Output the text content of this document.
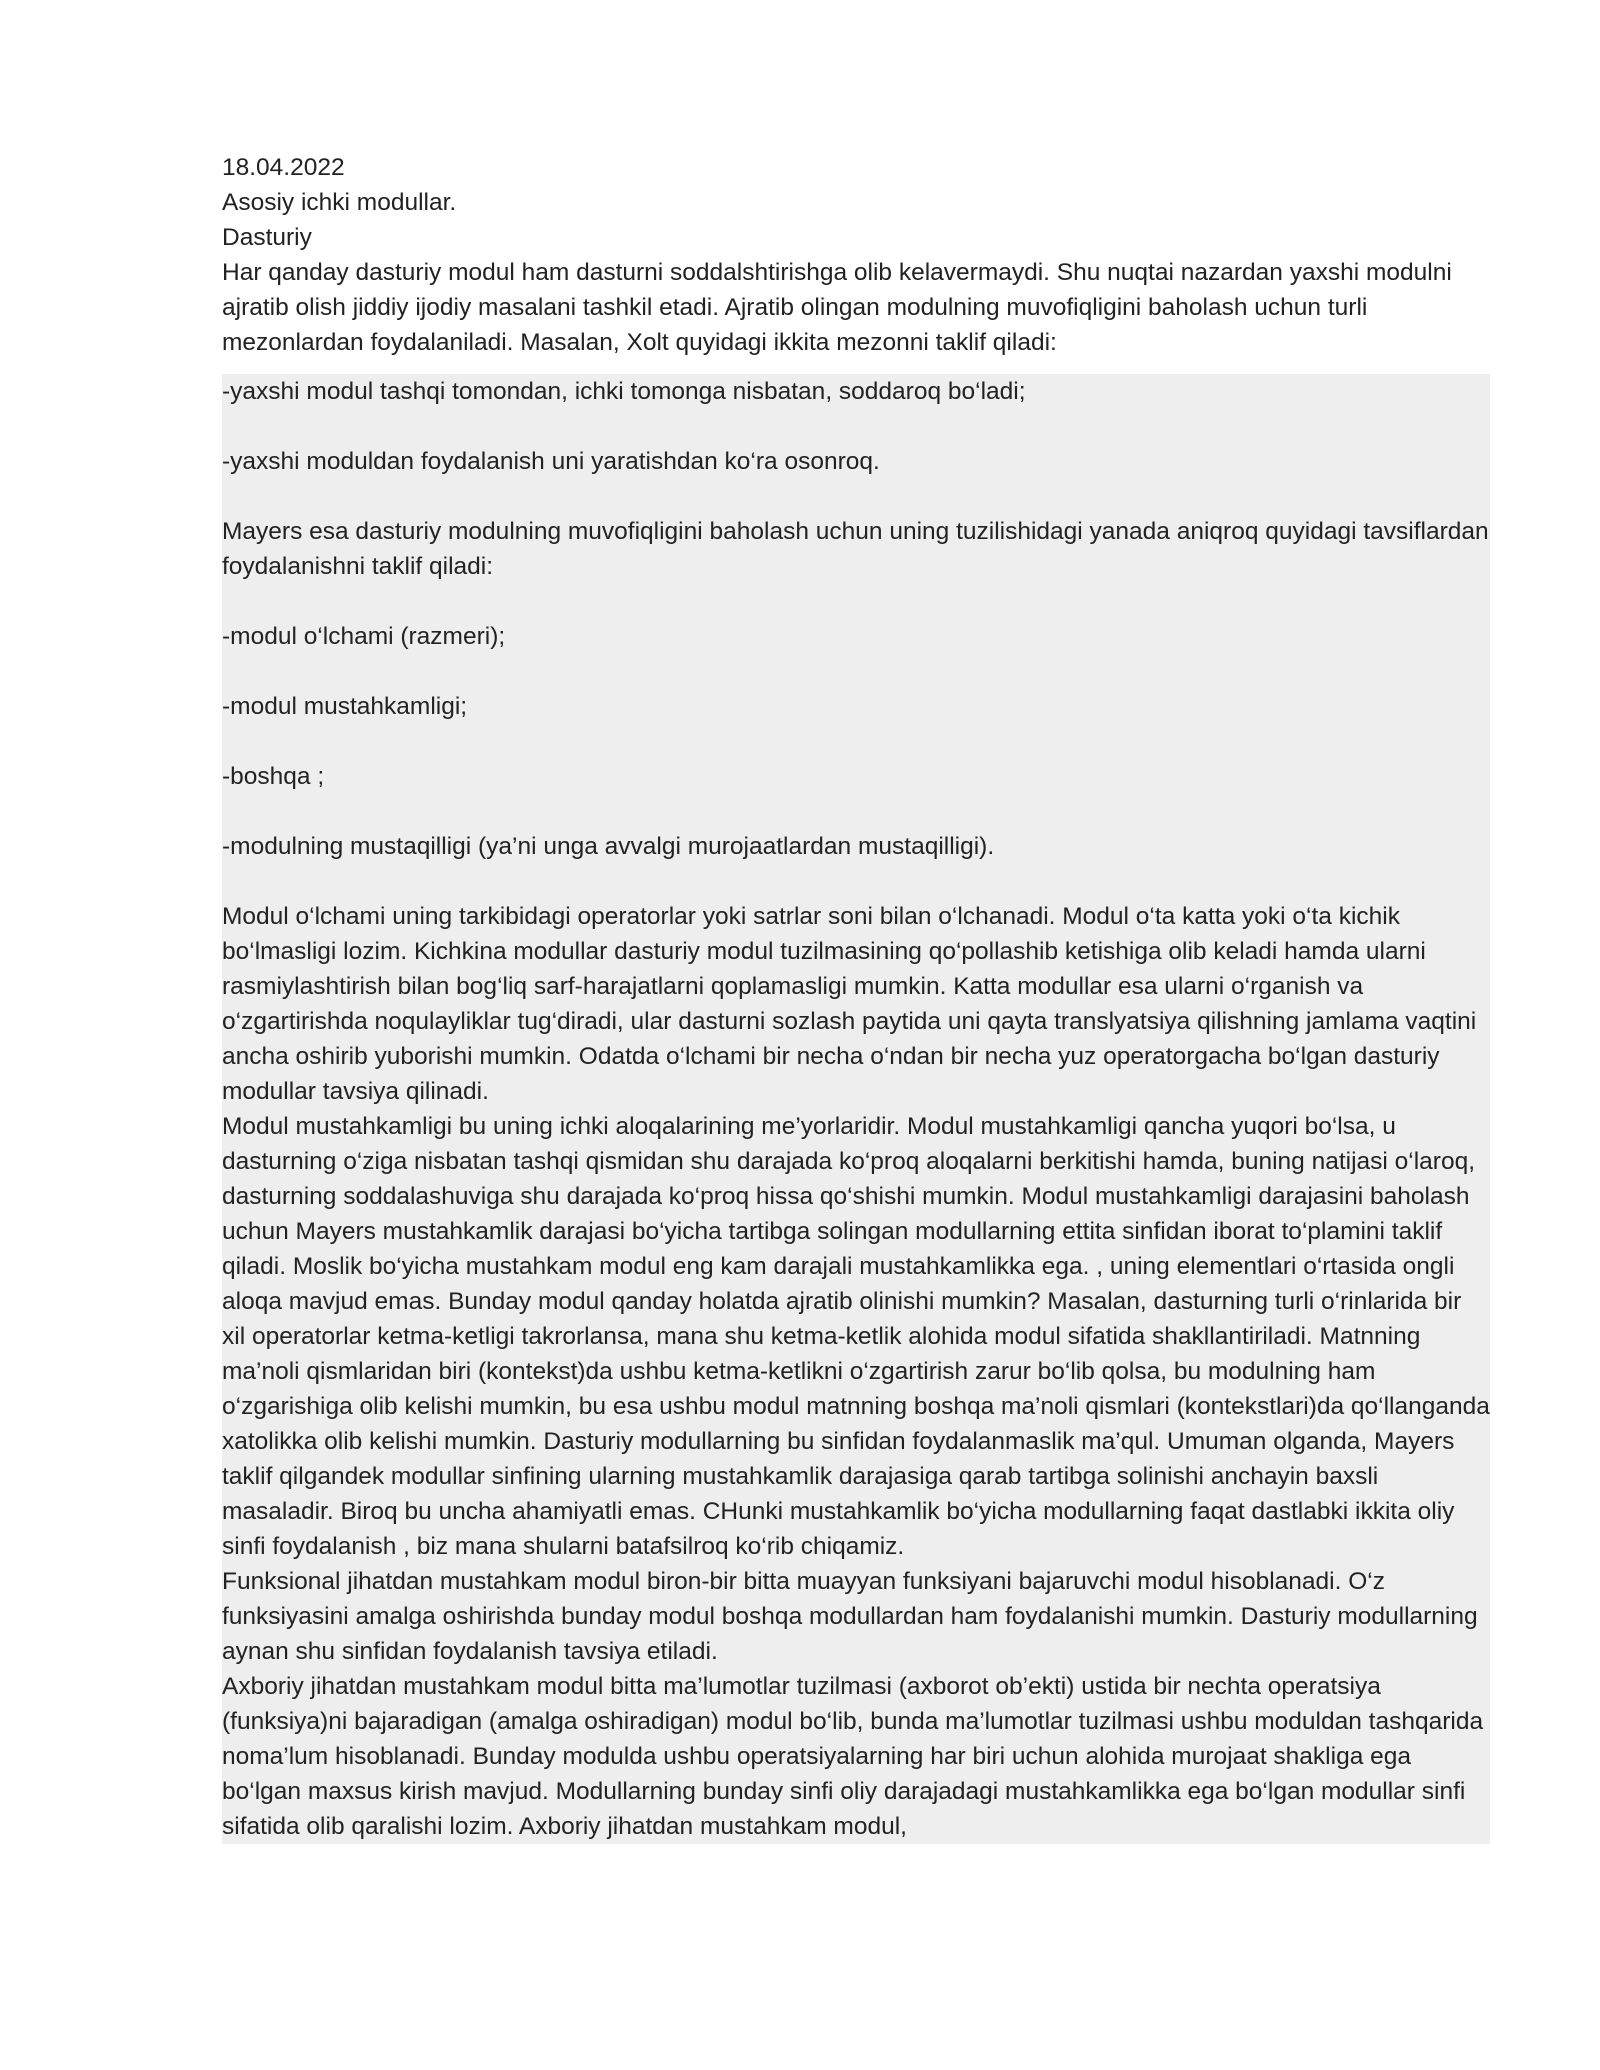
18.04.2022

Asosiy ichki modullar.

Dasturiy

Har qanday dasturiy modul ham dasturni soddalshtirishga olib kelavermaydi. Shu nuqtai nazardan yaxshi modulni ajratib olish jiddiy ijodiy masalani tashkil etadi. Ajratib olingan modulning muvofiqligini baholash uchun turli mezonlardan foydalaniladi. Masalan, Xolt quyidagi ikkita mezonni taklif qiladi:

-yaxshi modul tashqi tomondan, ichki tomonga nisbatan, soddaroq bo‘ladi;

-yaxshi moduldan foydalanish uni yaratishdan ko‘ra osonroq.

Mayers esa dasturiy modulning muvofiqligini baholash uchun uning tuzilishidagi yanada aniqroq quyidagi tavsiflardan foydalanishni taklif qiladi:

-modul o‘lchami (razmeri);

-modul mustahkamligi;

-boshqa ;

-modulning mustaqilligi (ya’ni unga avvalgi murojaatlardan mustaqilligi).

Modul o‘lchami uning tarkibidagi operatorlar yoki satrlar soni bilan o‘lchanadi. Modul o‘ta katta yoki o‘ta kichik bo‘lmasligi lozim. Kichkina modullar dasturiy modul tuzilmasining qo‘pollashib ketishiga olib keladi hamda ularni rasmiylashtirish bilan bog‘liq sarf-harajatlarni qoplamasligi mumkin. Katta modullar esa ularni o‘rganish va o‘zgartirishda noqulayliklar tug‘diradi, ular dasturni sozlash paytida uni qayta translyatsiya qilishning jamlama vaqtini ancha oshirib yuborishi mumkin. Odatda o‘lchami bir necha o‘ndan bir necha yuz operatorgacha bo‘lgan dasturiy modullar tavsiya qilinadi.

Modul mustahkamligi bu uning ichki aloqalarining me’yorlaridir. Modul mustahkamligi qancha yuqori bo‘lsa, u dasturning o‘ziga nisbatan tashqi qismidan shu darajada ko‘proq aloqalarni berkitishi hamda, buning natijasi o‘laroq, dasturning soddalashuviga shu darajada ko‘proq hissa qo‘shishi mumkin. Modul mustahkamligi darajasini baholash uchun Mayers mustahkamlik darajasi bo‘yicha tartibga solingan modullarning ettita sinfidan iborat to‘plamini taklif qiladi. Moslik bo‘yicha mustahkam modul eng kam darajali mustahkamlikka ega. , uning elementlari o‘rtasida ongli aloqa mavjud emas. Bunday modul qanday holatda ajratib olinishi mumkin? Masalan, dasturning turli o‘rinlarida bir xil operatorlar ketma-ketligi takrorlansa, mana shu ketma-ketlik alohida modul sifatida shakllantiriladi. Matnning ma’noli qismlaridan biri (kontekst)da ushbu ketma-ketlikni o‘zgartirish zarur bo‘lib qolsa, bu modulning ham o‘zgarishiga olib kelishi mumkin, bu esa ushbu modul matnning boshqa ma’noli qismlari (kontekstlari)da qo‘llanganda xatolikka olib kelishi mumkin. Dasturiy modullarning bu sinfidan foydalanmaslik ma’qul. Umuman olganda, Mayers taklif qilgandek modullar sinfining ularning mustahkamlik darajasiga qarab tartibga solinishi anchayin baxsli masaladir. Biroq bu uncha ahamiyatli emas. CHunki mustahkamlik bo‘yicha modullarning faqat dastlabki ikkita oliy sinfi foydalanish , biz mana shularni batafsilroq ko‘rib chiqamiz.

Funksional jihatdan mustahkam modul biron-bir bitta muayyan funksiyani bajaruvchi modul hisoblanadi. O‘z funksiyasini amalga oshirishda bunday modul boshqa modullardan ham foydalanishi mumkin. Dasturiy modullarning aynan shu sinfidan foydalanish tavsiya etiladi.

Axboriy jihatdan mustahkam modul bitta ma’lumotlar tuzilmasi (axborot ob’ekti) ustida bir nechta operatsiya (funksiya)ni bajaradigan (amalga oshiradigan) modul bo‘lib, bunda ma’lumotlar tuzilmasi ushbu moduldan tashqarida noma’lum hisoblanadi. Bunday modulda ushbu operatsiyalarning har biri uchun alohida murojaat shakliga ega bo‘lgan maxsus kirish mavjud. Modullarning bunday sinfi oliy darajadagi mustahkamlikka ega bo‘lgan modullar sinfi sifatida olib qaralishi lozim. Axboriy jihatdan mustahkam modul,
